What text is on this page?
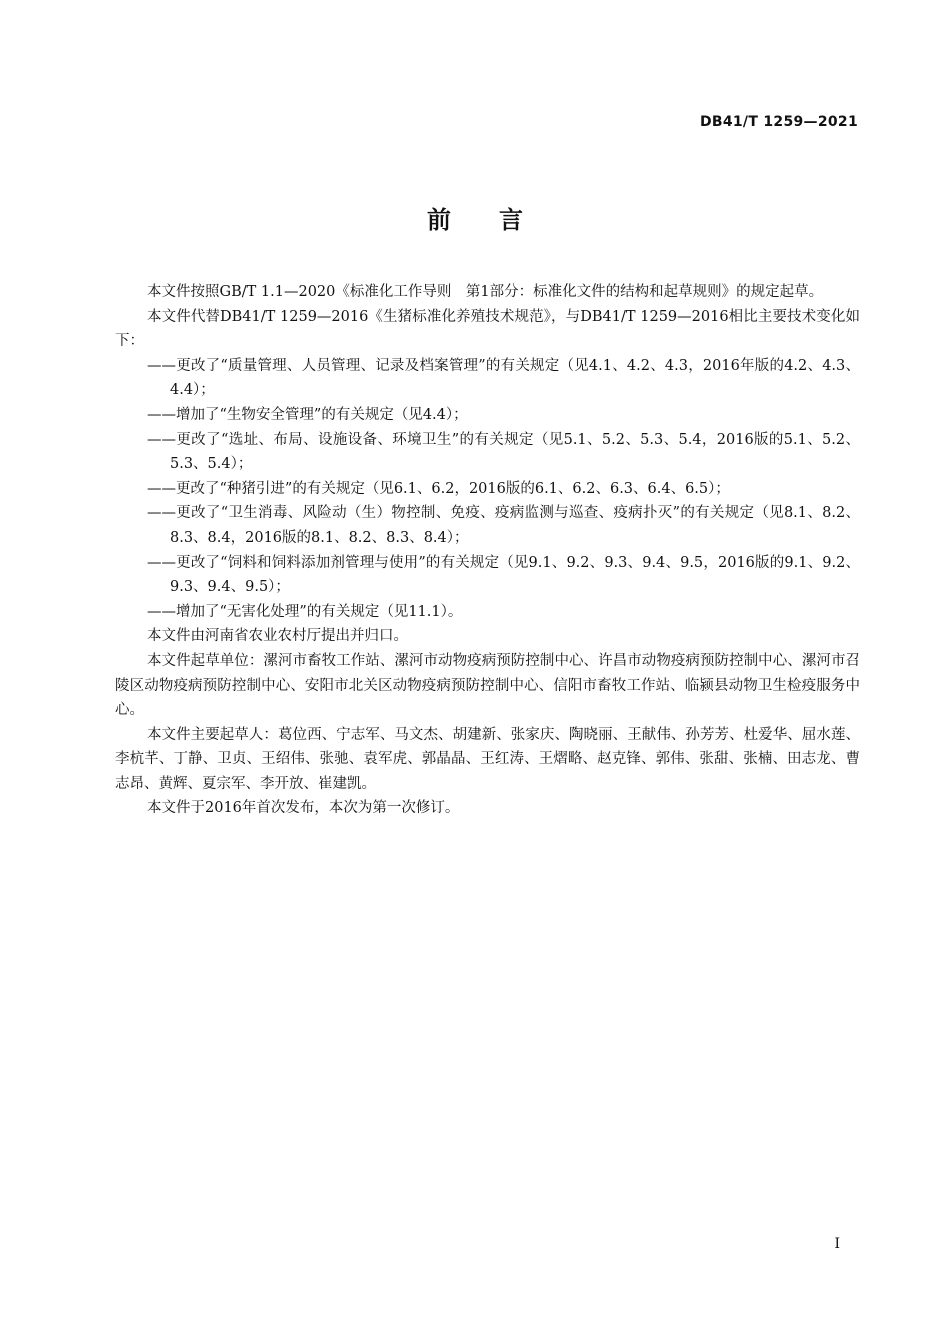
DB41/T 1259—2021
前言

本文件按照GB/T 1.1—2020《标准化工作导则　第1部分：标准化文件的结构和起草规则》的规定起草。

本文件代替DB41/T 1259—2016《生猪标准化养殖技术规范》，与DB41/T 1259—2016相比主要技术变化如下：

——更改了“质量管理、人员管理、记录及档案管理”的有关规定（见4.1、4.2、4.3，2016年版的4.2、4.3、4.4）；

——增加了“生物安全管理”的有关规定（见4.4）；

——更改了“选址、布局、设施设备、环境卫生”的有关规定（见5.1、5.2、5.3、5.4，2016版的5.1、5.2、5.3、5.4）；

——更改了“种猪引进”的有关规定（见6.1、6.2，2016版的6.1、6.2、6.3、6.4、6.5）；

——更改了“卫生消毒、风险动（生）物控制、免疫、疫病监测与巡查、疫病扑灭”的有关规定（见8.1、8.2、8.3、8.4，2016版的8.1、8.2、8.3、8.4）；

——更改了“饲料和饲料添加剂管理与使用”的有关规定（见9.1、9.2、9.3、9.4、9.5，2016版的9.1、9.2、9.3、9.4、9.5）；

——增加了“无害化处理”的有关规定（见11.1）。

本文件由河南省农业农村厅提出并归口。

本文件起草单位：漯河市畜牧工作站、漯河市动物疫病预防控制中心、许昌市动物疫病预防控制中心、漯河市召陵区动物疫病预防控制中心、安阳市北关区动物疫病预防控制中心、信阳市畜牧工作站、临颍县动物卫生检疫服务中心。

本文件主要起草人：葛位西、宁志军、马文杰、胡建新、张家庆、陶晓丽、王献伟、孙芳芳、杜爱华、屈水莲、李杭芊、丁静、卫贞、王绍伟、张驰、袁军虎、郭晶晶、王红涛、王熠略、赵克锋、郭伟、张甜、张楠、田志龙、曹志昂、黄辉、夏宗军、李开放、崔建凯。

本文件于2016年首次发布，本次为第一次修订。

I
